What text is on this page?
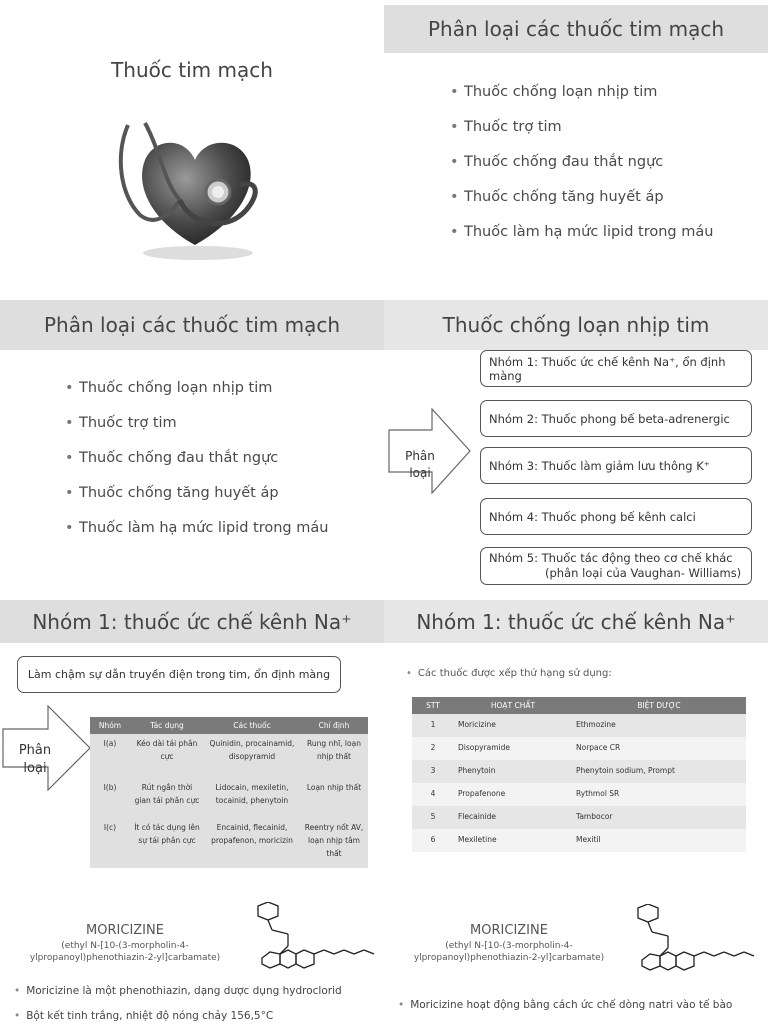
Thuốc tim mạch
Phân loại các thuốc tim mạch
• Thuốc chống loạn nhịp tim
• Thuốc trợ tim
• Thuốc chống đau thắt ngực
• Thuốc chống tăng huyết áp
• Thuốc làm hạ mức lipid trong máu
Phân loại các thuốc tim mạch
• Thuốc chống loạn nhịp tim
• Thuốc trợ tim
• Thuốc chống đau thắt ngực
• Thuốc chống tăng huyết áp
• Thuốc làm hạ mức lipid trong máu
Thuốc chống loạn nhịp tim
Phân
loại
Nhóm 1: Thuốc ức chế kênh Na⁺, ổn định màng
Nhóm 2: Thuốc phong bế beta-adrenergic
Nhóm 3: Thuốc làm giảm lưu thông K⁺
Nhóm 4: Thuốc phong bế kênh calci
Nhóm 5: Thuốc tác động theo cơ chế khác
(phân loại của Vaughan- Williams)
Nhóm 1: thuốc ức chế kênh Na⁺
Làm chậm sự dẫn truyền điện trong tim, ổn định màng
Phân
loại
Nhóm	Tác dụng	Các thuốc	Chỉ định
I(a)	Kéo dài tái phân cực	Quinidin, procainamid, disopyramid	Rung nhĩ, loạn nhịp thất
I(b)	Rút ngắn thời gian tái phân cực	Lidocain, mexiletin, tocainid, phenytoin	Loạn nhịp thất
I(c)	Ít có tác dụng lên sự tái phân cực	Encainid, flecainid, propafenon, moricizin	Reentry nốt AV, loạn nhịp tâm thất
Nhóm 1: thuốc ức chế kênh Na⁺
• Các thuốc được xếp thứ hạng sử dụng:
STT	HOẠT CHẤT	BIỆT DƯỢC
1	Moricizine	Ethmozine
2	Disopyramide	Norpace CR
3	Phenytoin	Phenytoin sodium, Prompt
4	Propafenone	Rythmol SR
5	Flecainide	Tambocor
6	Mexiletine	Mexitil
MORICIZINE
(ethyl N-[10-(3-morpholin-4-
ylpropanoyl)phenothiazin-2-yl]carbamate)
• Moricizine là một phenothiazin, dạng dược dụng hydroclorid
• Bột kết tinh trắng, nhiệt độ nóng chảy 156,5°C
MORICIZINE
(ethyl N-[10-(3-morpholin-4-
ylpropanoyl)phenothiazin-2-yl]carbamate)
• Moricizine hoạt động bằng cách ức chế dòng natri vào tế bào
